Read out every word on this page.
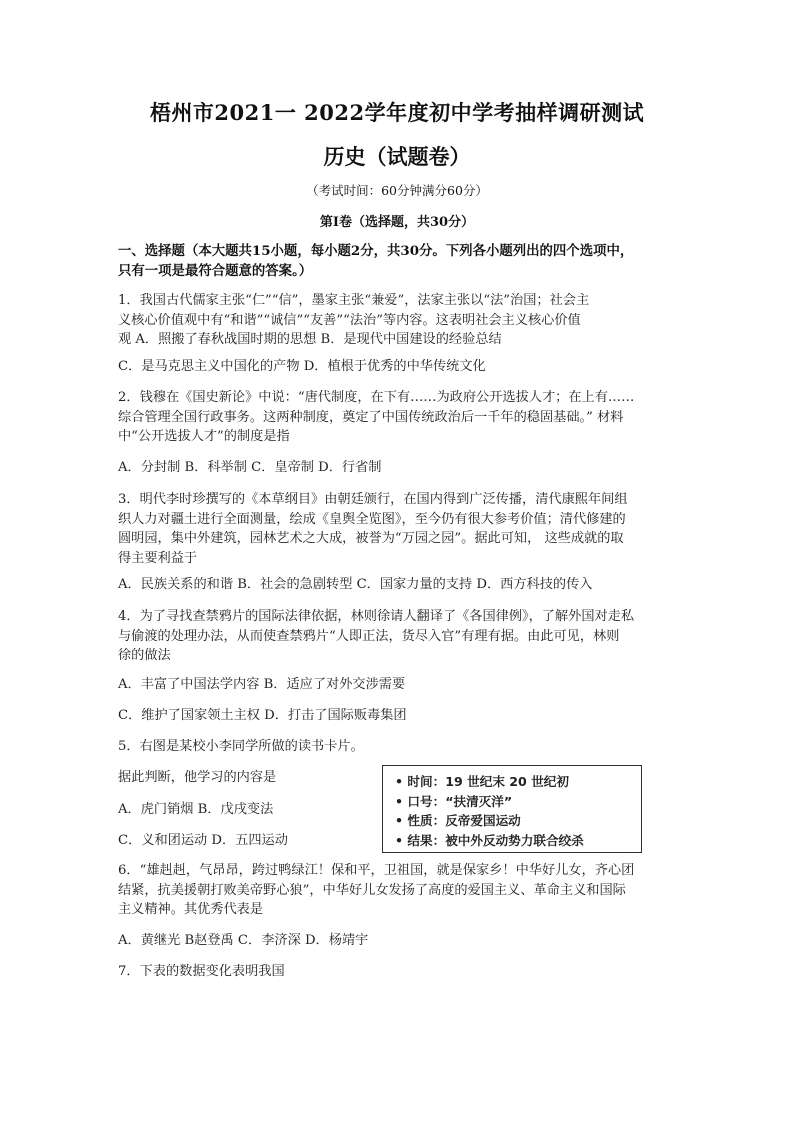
梧州市2021一 2022学年度初中学考抽样调研测试
历史（试题卷）
（考试时间：60分钟满分60分）
第Ⅰ卷（选择题，共30分）
一、选择题（本大题共15小题，每小题2分，共30分。下列各小题列出的四个选项中，
只有一项是最符合题意的答案。）
1．我国古代儒家主张“仁”“信”，墨家主张“兼爱”，法家主张以“法”治国；社会主
义核心价值观中有“和谐”“诚信”“友善”“法治”等内容。这表明社会主义核心价值
观 A．照搬了春秋战国时期的思想 B．是现代中国建设的经验总结
C．是马克思主义中国化的产物 D．植根于优秀的中华传统文化
2．钱穆在《国史新论》中说：“唐代制度，在下有……为政府公开选拔人才；在上有……
综合管理全国行政事务。这两种制度，奠定了中国传统政治后一千年的稳固基础。” 材料
中“公开选拔人才”的制度是指
A．分封制 B．科举制 C．皇帝制 D．行省制
3．明代李时珍撰写的《本草纲目》由朝廷颁行，在国内得到广泛传播，清代康熙年间组
织人力对疆土进行全面测量，绘成《皇舆全览图》，至今仍有很大参考价值；清代修建的
圆明园，集中外建筑，园林艺术之大成，被誉为“万园之园”。据此可知， 这些成就的取
得主要利益于
A．民族关系的和谐 B．社会的急剧转型 C．国家力量的支持 D．西方科技的传入
4．为了寻找查禁鸦片的国际法律依据，林则徐请人翻译了《各国律例》，了解外国对走私
与偷渡的处理办法，从而使查禁鸦片“人即正法，货尽入官”有理有据。由此可见，林则
徐的做法
A．丰富了中国法学内容 B．适应了对外交涉需要
C．维护了国家领土主权 D．打击了国际贩毒集团
5．右图是某校小李同学所做的读书卡片。
据此判断，他学习的内容是
A．虎门销烟 B．戊戌变法
C．义和团运动 D．五四运动
• 时间：19 世纪末 20 世纪初
• 口号：“扶清灭洋”
• 性质：反帝爱国运动
• 结果：被中外反动势力联合绞杀
6．“雄赳赳，气昂昂，跨过鸭绿江！保和平，卫祖国，就是保家乡！中华好儿女，齐心团
结紧，抗美援朝打败美帝野心狼”，中华好儿女发扬了高度的爱国主义、革命主义和国际
主义精神。其优秀代表是
A．黄继光 B赵登禹 C．李济深 D．杨靖宇
7．下表的数据变化表明我国
